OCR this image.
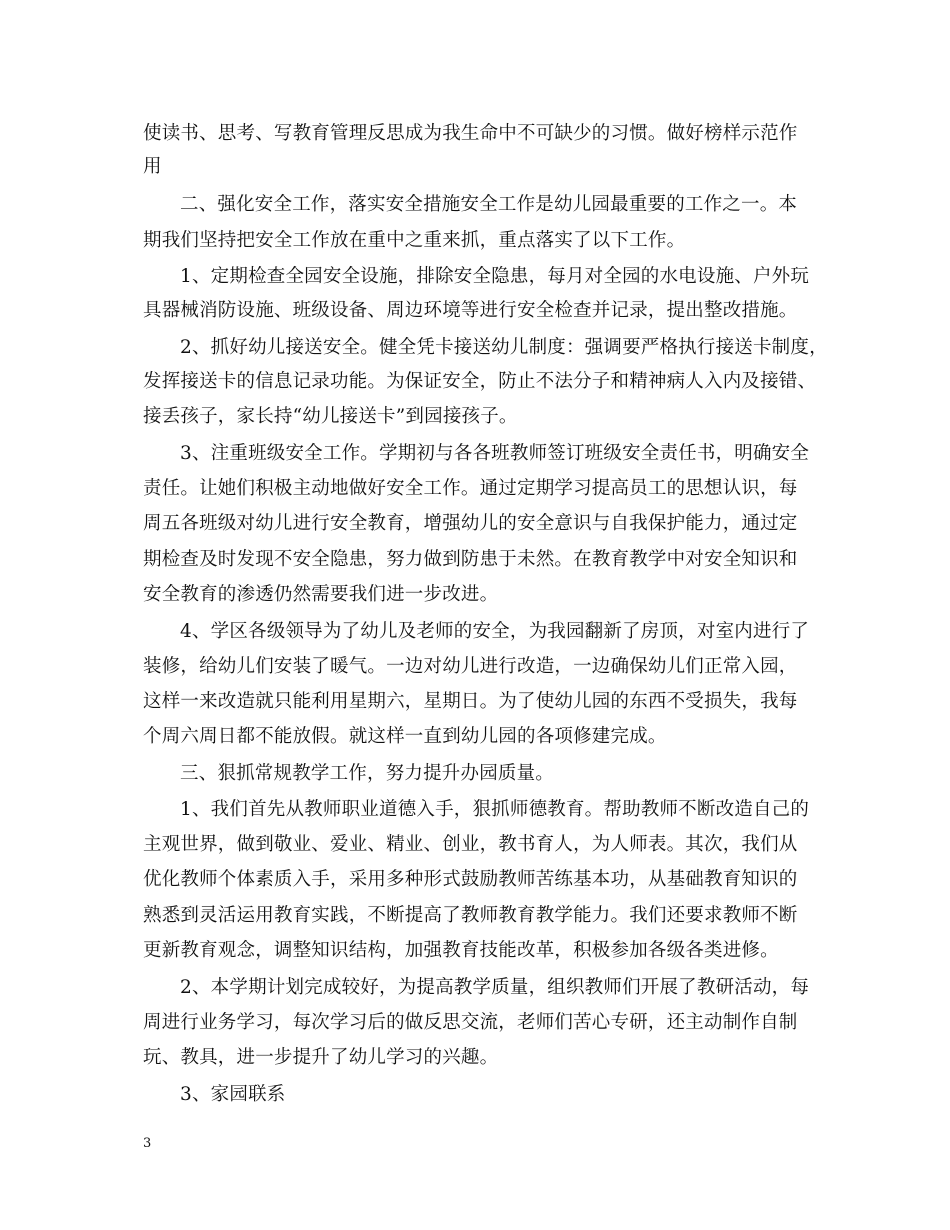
使读书、思考、写教育管理反思成为我生命中不可缺少的习惯。做好榜样示范作
用
二、强化安全工作，落实安全措施安全工作是幼儿园最重要的工作之一。本
期我们坚持把安全工作放在重中之重来抓，重点落实了以下工作。
1、定期检查全园安全设施，排除安全隐患，每月对全园的水电设施、户外玩
具器械消防设施、班级设备、周边环境等进行安全检查并记录，提出整改措施。
2、抓好幼儿接送安全。健全凭卡接送幼儿制度：强调要严格执行接送卡制度，
发挥接送卡的信息记录功能。为保证安全，防止不法分子和精神病人入内及接错、
接丢孩子，家长持“幼儿接送卡”到园接孩子。
3、注重班级安全工作。学期初与各各班教师签订班级安全责任书，明确安全
责任。让她们积极主动地做好安全工作。通过定期学习提高员工的思想认识，每
周五各班级对幼儿进行安全教育，增强幼儿的安全意识与自我保护能力，通过定
期检查及时发现不安全隐患，努力做到防患于未然。在教育教学中对安全知识和
安全教育的渗透仍然需要我们进一步改进。
4、学区各级领导为了幼儿及老师的安全，为我园翻新了房顶，对室内进行了
装修，给幼儿们安装了暖气。一边对幼儿进行改造，一边确保幼儿们正常入园，
这样一来改造就只能利用星期六，星期日。为了使幼儿园的东西不受损失，我每
个周六周日都不能放假。就这样一直到幼儿园的各项修建完成。
三、狠抓常规教学工作，努力提升办园质量。
1、我们首先从教师职业道德入手，狠抓师德教育。帮助教师不断改造自己的
主观世界，做到敬业、爱业、精业、创业，教书育人，为人师表。其次，我们从
优化教师个体素质入手，采用多种形式鼓励教师苦练基本功，从基础教育知识的
熟悉到灵活运用教育实践，不断提高了教师教育教学能力。我们还要求教师不断
更新教育观念，调整知识结构，加强教育技能改革，积极参加各级各类进修。
2、本学期计划完成较好，为提高教学质量，组织教师们开展了教研活动，每
周进行业务学习，每次学习后的做反思交流，老师们苦心专研，还主动制作自制
玩、教具，进一步提升了幼儿学习的兴趣。
3、家园联系
3
